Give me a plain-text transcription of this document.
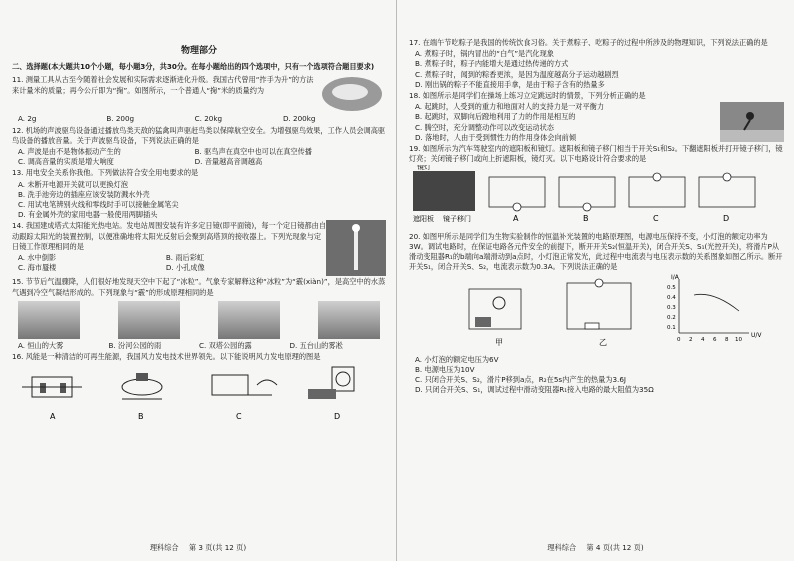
物理部分
二、选择题(本大题共10个小题，每小题3分，共30分。在每小题给出的四个选项中，只有一个选项符合题目要求)
11. 测量工具从古至今随着社会发展和实际需求逐渐进化升级。我国古代曾用“拃手为升”的方法来计量米的质量；再今公斤即为“掬”。如图所示，一个普通人“掬”米的质量约为
A. 2g	B. 200g	C. 20kg	D. 200kg
12. 机场的声波驱鸟设备通过播放鸟类天敌的猛禽叫声驱赶鸟类以保障航空安全。为增强驱鸟效果，工作人员会调高驱鸟设备的播放音量。关于声波驱鸟设备，下列说法正确的是
A. 声波是由不是物体振动产生的	B. 驱鸟声在真空中也可以在真空传播
C. 调高音量的实质是增大响度	D. 音量越高音调越高
13. 用电安全关系你我他。下列做法符合安全用电要求的是
A. 未断开电源开关就可以更换灯泡
B. 洗手池旁边的插座应该安装防溅水外壳
C. 用试电笔辨别火线和零线时手可以接触金属笔尖
D. 有金属外壳的家用电器一般使用两脚插头
14. 我国建成塔式太阳能光热电站。发电站周围安装有许多定日镜(即平面镜)，每一个定日镜都由自动跟踪太阳光的装置控制，以便准确地将太阳光反射后会聚到高塔顶的接收器上。下列光现象与定日镜工作原理相同的是
A. 水中倒影	B. 雨后彩虹
C. 海市蜃楼	D. 小孔成像
15. 节节后气温骤降，人们很好地发现天空中下起了“冰粒”。气象专家解释这种“冰粒”为“霰(xiàn)”，是高空中的水蒸气遇到冷空气凝结形成的。下列现象与“霰”的形成原理相同的是
A. 恒山的大雾	B. 汾河公园的雨	C. 双塔公园的露	D. 五台山的雾凇
16. 风能是一种清洁的可再生能源，我国风力发电技术世界领先。以下能说明风力发电原理的图是
A	B	C	D
理科综合 第 3 页(共 12 页)
17. 在端午节吃粽子是我国的传统饮食习俗。关于煮粽子、吃粽子的过程中所涉及的物理知识，下列说法正确的是
A. 煮粽子时，锅内冒出的“白气”是汽化现象
B. 煮粽子时，粽子内能增大是通过热传递的方式
C. 煮粽子时，闻到的粽香更浓，是因为温度越高分子运动越剧烈
D. 刚出锅的粽子不能直接用手拿，是由于粽子含有的热量多
18. 如图所示是同学们在操场上练习立定跳远时的情景，下列分析正确的是
A. 起跳时，人受到的重力和地面对人的支持力是一对平衡力
B. 起跳时，双脚向后蹬地利用了力的作用是相互的
C. 腾空时，充分调整动作可以改变运动状态
D. 落地时，人由于受到惯性力的作用身体会向前倾
19. 如图所示为汽车驾驶室内的遮阳板和镜灯。遮阳板和镜子移门相当于开关S₁和S₂。下翻遮阳板并打开镜子移门，镜灯亮；关闭镜子移门或向上折遮阳板，镜灯灭。以下电路设计符合要求的是
镜灯
遮阳板 镜子移门	A	B	C	D
20. 如图甲所示是同学们为生物实验制作的恒温补光装置的电路原理图，电源电压保持不变，小灯泡的额定功率为3W。调试电路时，在保证电路各元件安全的前提下，断开开关S₂(恒温开关)，闭合开关S、S₁(光控开关)，将滑片P从滑动变阻器R₁的b端向a端滑动到a点时，小灯泡正常发光，此过程中电流表与电压表示数的关系图象如图乙所示。断开开关S₁，闭合开关S、S₂，电流表示数为0.3A。下列说法正确的是
甲	乙
I/A
U/V
0.5
0.4
0.3
0.2
0.1
0 2 4 6 8 10
A. 小灯泡的额定电压为6V
B. 电源电压为10V
C. 只闭合开关S、S₂，滑片P移到a点，R₂在5s内产生的热量为3.6J
D. 只闭合开关S、S₁，调试过程中滑动变阻器R₁接入电路的最大阻值为35Ω
理科综合 第 4 页(共 12 页)
